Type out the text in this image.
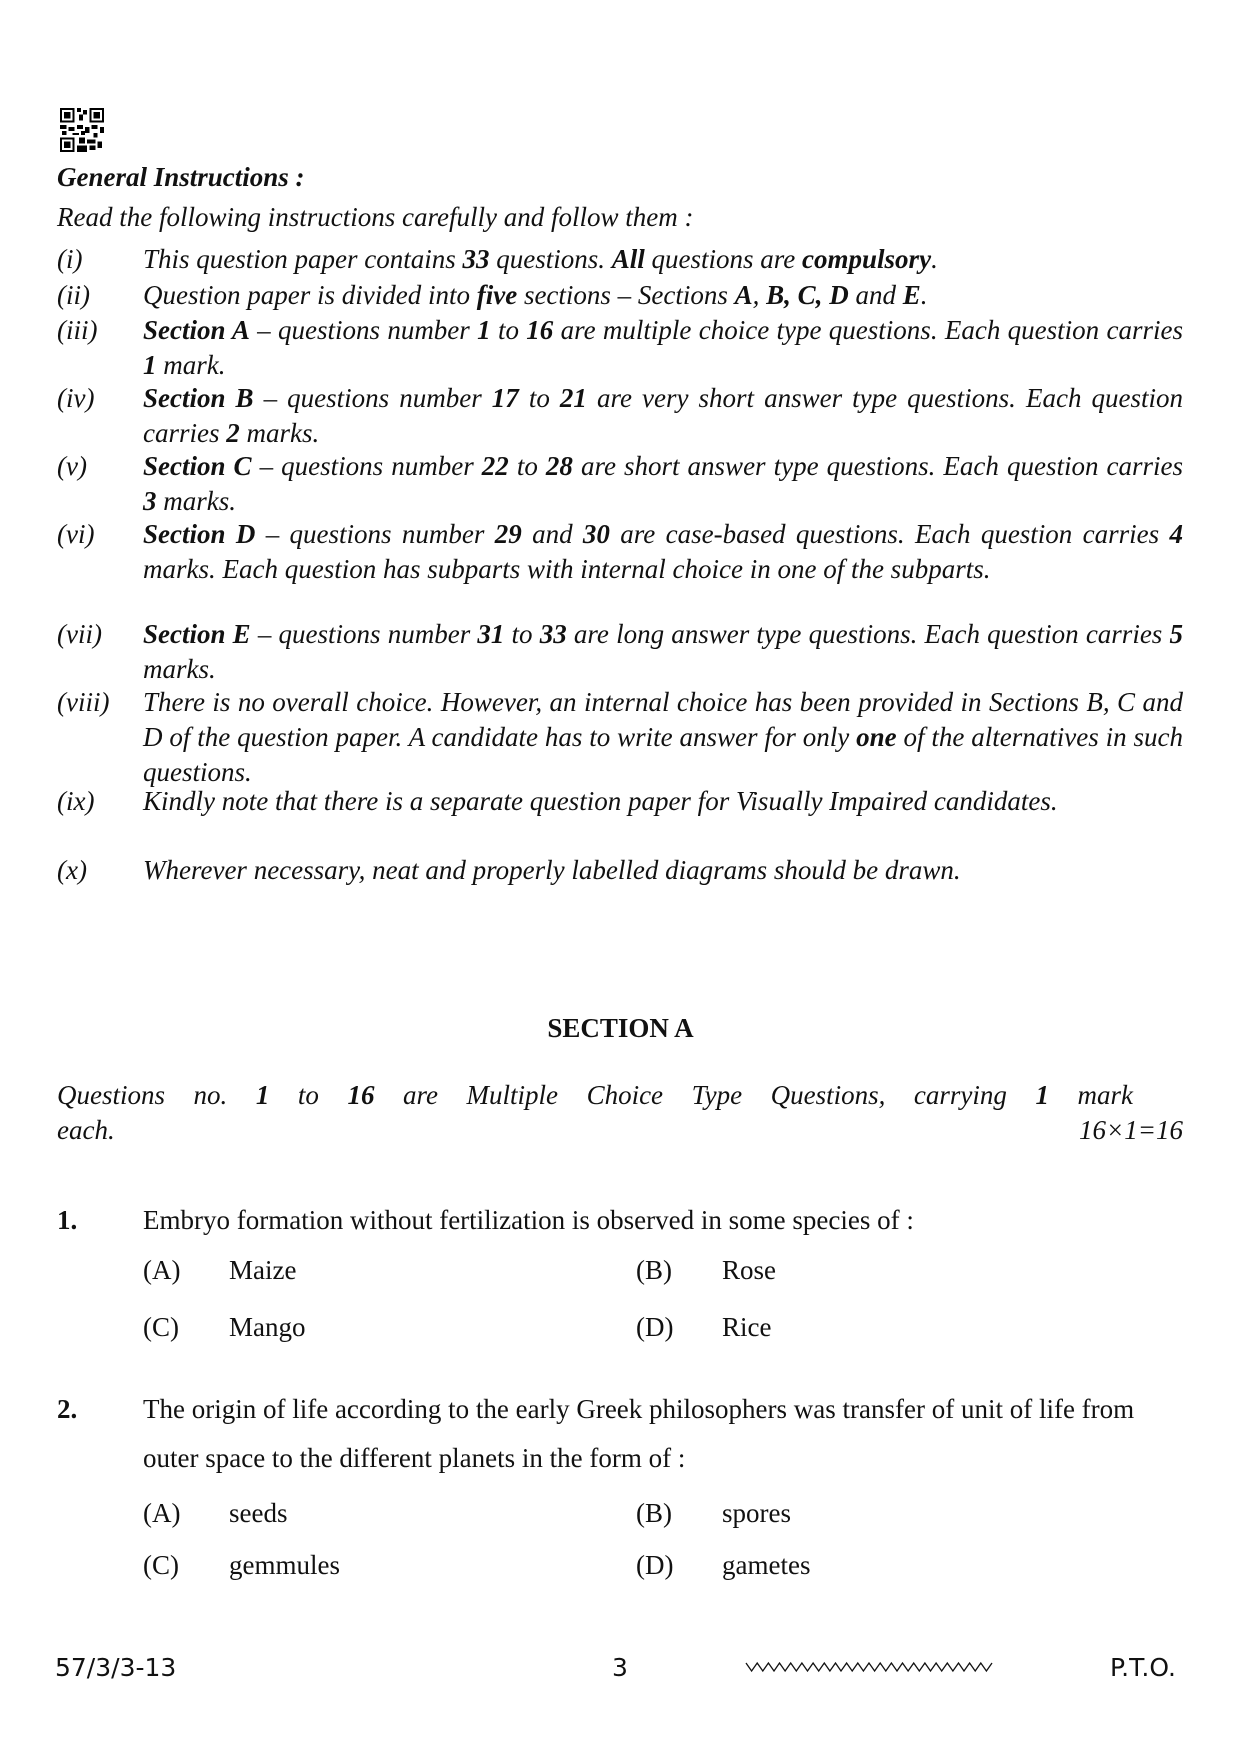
General Instructions :
Read the following instructions carefully and follow them :
(i)	This question paper contains 33 questions. All questions are compulsory.
(ii)	Question paper is divided into five sections – Sections A, B, C, D and E.
(iii)	Section A – questions number 1 to 16 are multiple choice type questions. Each question carries 1 mark.
(iv)	Section B – questions number 17 to 21 are very short answer type questions. Each question carries 2 marks.
(v)	Section C – questions number 22 to 28 are short answer type questions. Each question carries 3 marks.
(vi)	Section D – questions number 29 and 30 are case-based questions. Each question carries 4 marks. Each question has subparts with internal choice in one of the subparts.
(vii)	Section E – questions number 31 to 33 are long answer type questions. Each question carries 5 marks.
(viii)	There is no overall choice. However, an internal choice has been provided in Sections B, C and D of the question paper. A candidate has to write answer for only one of the alternatives in such questions.
(ix)	Kindly note that there is a separate question paper for Visually Impaired candidates.
(x)	Wherever necessary, neat and properly labelled diagrams should be drawn.
SECTION A
Questions no. 1 to 16 are Multiple Choice Type Questions, carrying 1 mark
each.	16×1=16
1. Embryo formation without fertilization is observed in some species of :
(A)	Maize	(B)	Rose
(C)	Mango	(D)	Rice
2. The origin of life according to the early Greek philosophers was transfer of unit of life from outer space to the different planets in the form of :
(A)	seeds	(B)	spores
(C)	gemmules	(D)	gametes
57/3/3-13	3	P.T.O.
